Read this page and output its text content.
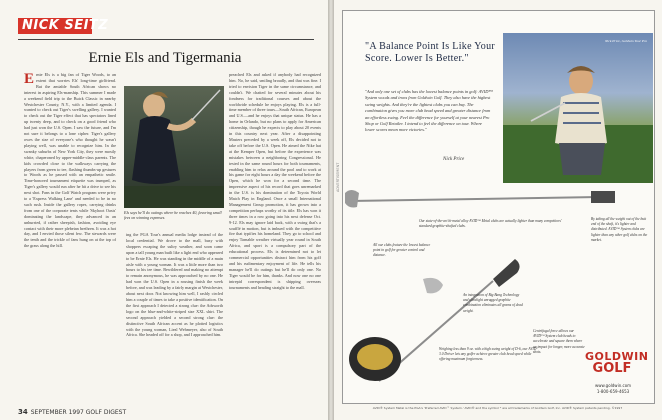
NICK SEITZ
Ernie Els and Tigermania
Ernie Els is a big fan of Tiger Woods, to an extent that worries Els' long-time girlfriend. But the amiable South African shows no interest in aspiring Els-manship. This summer I made a weekend field trip to the Buick Classic in nearby Westchester County, N.Y., with a limited agenda. I wanted to check out Tiger's swelling gallery. I wanted to check out the Tiger effect that has spectators lined up twenty deep, and to check on a good friend who had just won the U.S. Open. I saw the future, and I'm not sure it belongs to a lone cipher. Tiger's gallery owes the size of everyone's who thought he wasn't playing well, was unable to recognize him. In the swanky suburbs of New York City, they were mostly white, chaperoned by upper-middle-class parents. The kids crowded close to the walkways carrying the players from green to tee, flashing thumbs-up gestures to Woods as he passed with an empathetic smile. Time-honored tournament etiquette was trumped, as Tiger's gallery would run after he hit a drive to see his next shot. Fans in the Golf Watch program were privy to a 'Express Walking Lane' and needed to be in no such rush. Inside the gallery ropes, carrying drinks from one of the corporate tents while 'Skyhoot Oasis' dominating the landscape, they advanced in an unhurried, if rather sheepish, fashion, avoiding eye contact with their more plebeian brethren. It was a hot day, and I envied those silent few. The stewards were the tenth and the trickle of fans hung on at the top of the grass along the hill.
Els says he'll do outings where he reaches 40, favoring small fees on winning expenses.
ing the PGA Tour's annual media lodge instead of the local credential. We drove to the mall, busy with shoppers escaping the sultry weather, and soon came upon a tall young man built like a light end who appeared to be Ernie Els. He was standing in the middle of a main aisle with a young woman. It was a little more than two hours to his tee time. Bewildered and making no attempt to remain anonymous, he was approached by no one. He had won the U.S. Open in a rousing finish the week before, and was leading by a fairly margin at Westchester, about next door. Not knowing him well, I rashly circled him a couple of times to take a positive identification. On the first approach I detected a strong clue: the Adsworth logo on the blue-and-white-striped size XXL shirt. The second approach yielded a second strong clue: the distinctive South African accent as he plotted logistics with the young woman, Liezl Wehmeyer, also of South Africa. She headed off for a shop, and I approached him.
preached Els and asked if anybody had recognized him. No, he said, smiling broadly, and that was fine. I tried to envision Tiger in the same circumstance, and couldn't. We chatted for several minutes about his fondness for traditional courses and about the worldwide schedule he enjoys playing. Els is a full-time member of three tours—South African, European and U.S.—and he enjoys that unique status. He has a home in Orlando, but no plans to apply for American citizenship, though he expects to play about 20 events in this country next year. After a disappointing Masters preceded by a week off, Els decided not to take off before the U.S. Open. He aimed the Nike hat at the Kemper Open, but before the experience was mistakes between a neighboring Congressional. He tested in the same round hours for both tournaments, enabling him to relax around the pool and to work at his game for eight hours a day the weekend before the Open, which he won for a second time. The impressive aspect of his record that goes unremarked in the U.S. is his domination of the Toyota World Match Play in England. Once a small International Management Group promotion, it has grown into a competition perhaps worthy of its title. Els has won it three times in a row going into his next defense Oct. 9-12. Els may ignore laid back, with a swing that's a soufflé in motion, but is imbued with the competitive fire that typifies his homeland. They go to school and enjoy Tarnable weather virtually year round in South Africa, and sport is a compulsory part of the educational process. Els is determined not to let commercial opportunities distract him from his golf and his rudimentary enjoyment of life. He tells his manager he'll do outings but he'll do only one. No Tiger would be for him, thanks. And now one no one intrepid correspondent is shipping overseas tournaments and heading straight to the mall.
34 SEPTEMBER 1997 GOLF DIGEST
ADVERTISEMENT
"A Balance Point Is Like Your Score. Lower Is Better."
"And only one set of clubs has the lowest balance points in golf: AVID™ System woods and irons from Goldwin Golf. They also have the highest swing weights. And they're the lightest clubs you can buy. The combination gives you more club head speed and greater distance from an effortless swing. Feel the difference for yourself at your nearest Pro Shop or Golf Retailer. I intend to feel the difference on tour. Where lower scores mean more victories."
Nick Price
Nick Price, Goldwin Tour Pro
Our state-of-the-art bi-metal alloy AVID™ Metal clubs are actually lighter than many competitors' standard graphite-shafted clubs.
By taking all the weight out of the butt end of the shaft, it's lighter and distributed. AVID™ System clubs are lighter than any other golf clubs on the market.
All our clubs feature the lowest balance point in golf for greater control and distance.
An integration of Big Bang Technology and ultralight unrugged graphite combination eliminates all grams of dead weight.
Weighing less than 9 oz. with a high swing weight of D-6, our AVID-3.0 Driver lets any golfer achieve greater club head speed while offering maximum forgiveness.
Centrifugal force allows our AVID™ System club heads to accelerate and square them where an impact for longer, more accurate shots.	GOLDWIN
GOLF
www.goldwin.com
1-800-659-4653
AVID® System Metal is the PGA's 'Preferred AVID™ System.' AVID® and the symbol * are all trademarks of Goldwin Golf, Inc. AVID® System patents pending. ©1997
